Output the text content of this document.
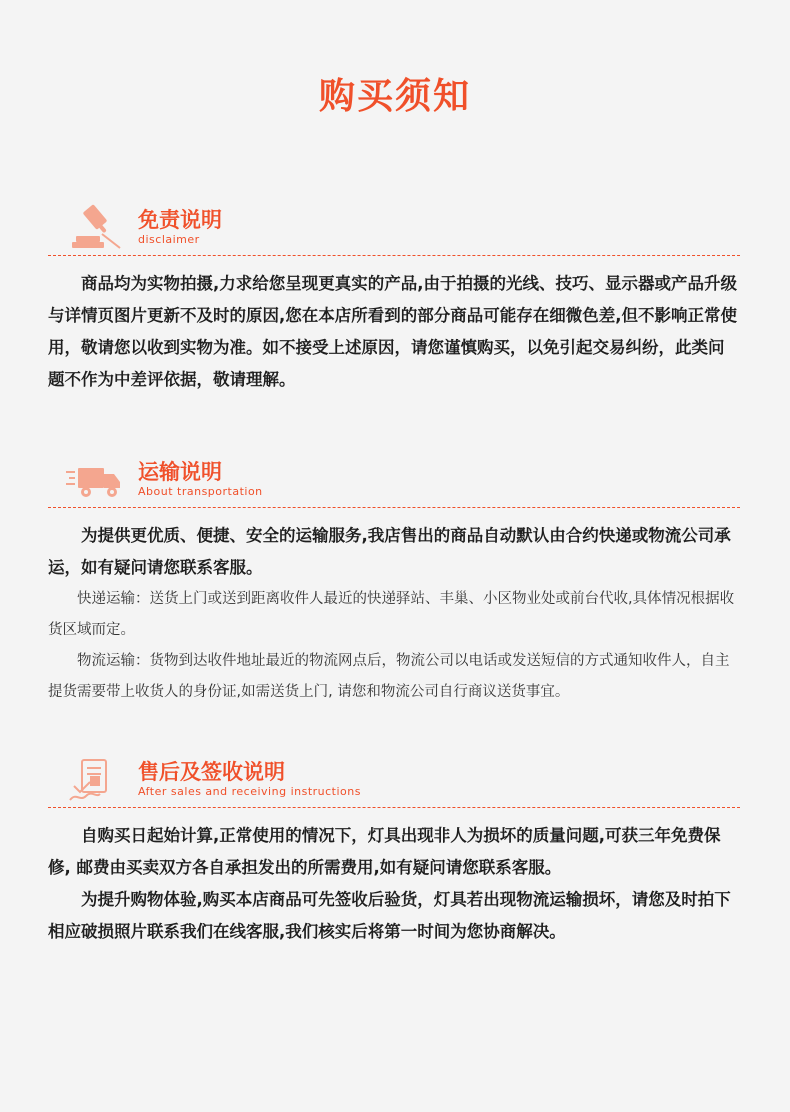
购买须知
免责说明
disclaimer

商品均为实物拍摄,力求给您呈现更真实的产品,由于拍摄的光线、技巧、显示器或产品升级与详情页图片更新不及时的原因,您在本店所看到的部分商品可能存在细微色差,但不影响正常使用，敬请您以收到实物为准。如不接受上述原因，请您谨慎购买，以免引起交易纠纷，此类问题不作为中差评依据，敬请理解。

运输说明
About transportation

为提供更优质、便捷、安全的运输服务,我店售出的商品自动默认由合约快递或物流公司承运，如有疑问请您联系客服。

快递运输：送货上门或送到距离收件人最近的快递驿站、丰巢、小区物业处或前台代收,具体情况根据收货区域而定。

物流运输：货物到达收件地址最近的物流网点后，物流公司以电话或发送短信的方式通知收件人，自主提货需要带上收货人的身份证,如需送货上门, 请您和物流公司自行商议送货事宜。

售后及签收说明
After sales and receiving instructions

自购买日起始计算,正常使用的情况下，灯具出现非人为损坏的质量问题,可获三年免费保修, 邮费由买卖双方各自承担发出的所需费用,如有疑问请您联系客服。

为提升购物体验,购买本店商品可先签收后验货，灯具若出现物流运输损坏，请您及时拍下相应破损照片联系我们在线客服,我们核实后将第一时间为您协商解决。
